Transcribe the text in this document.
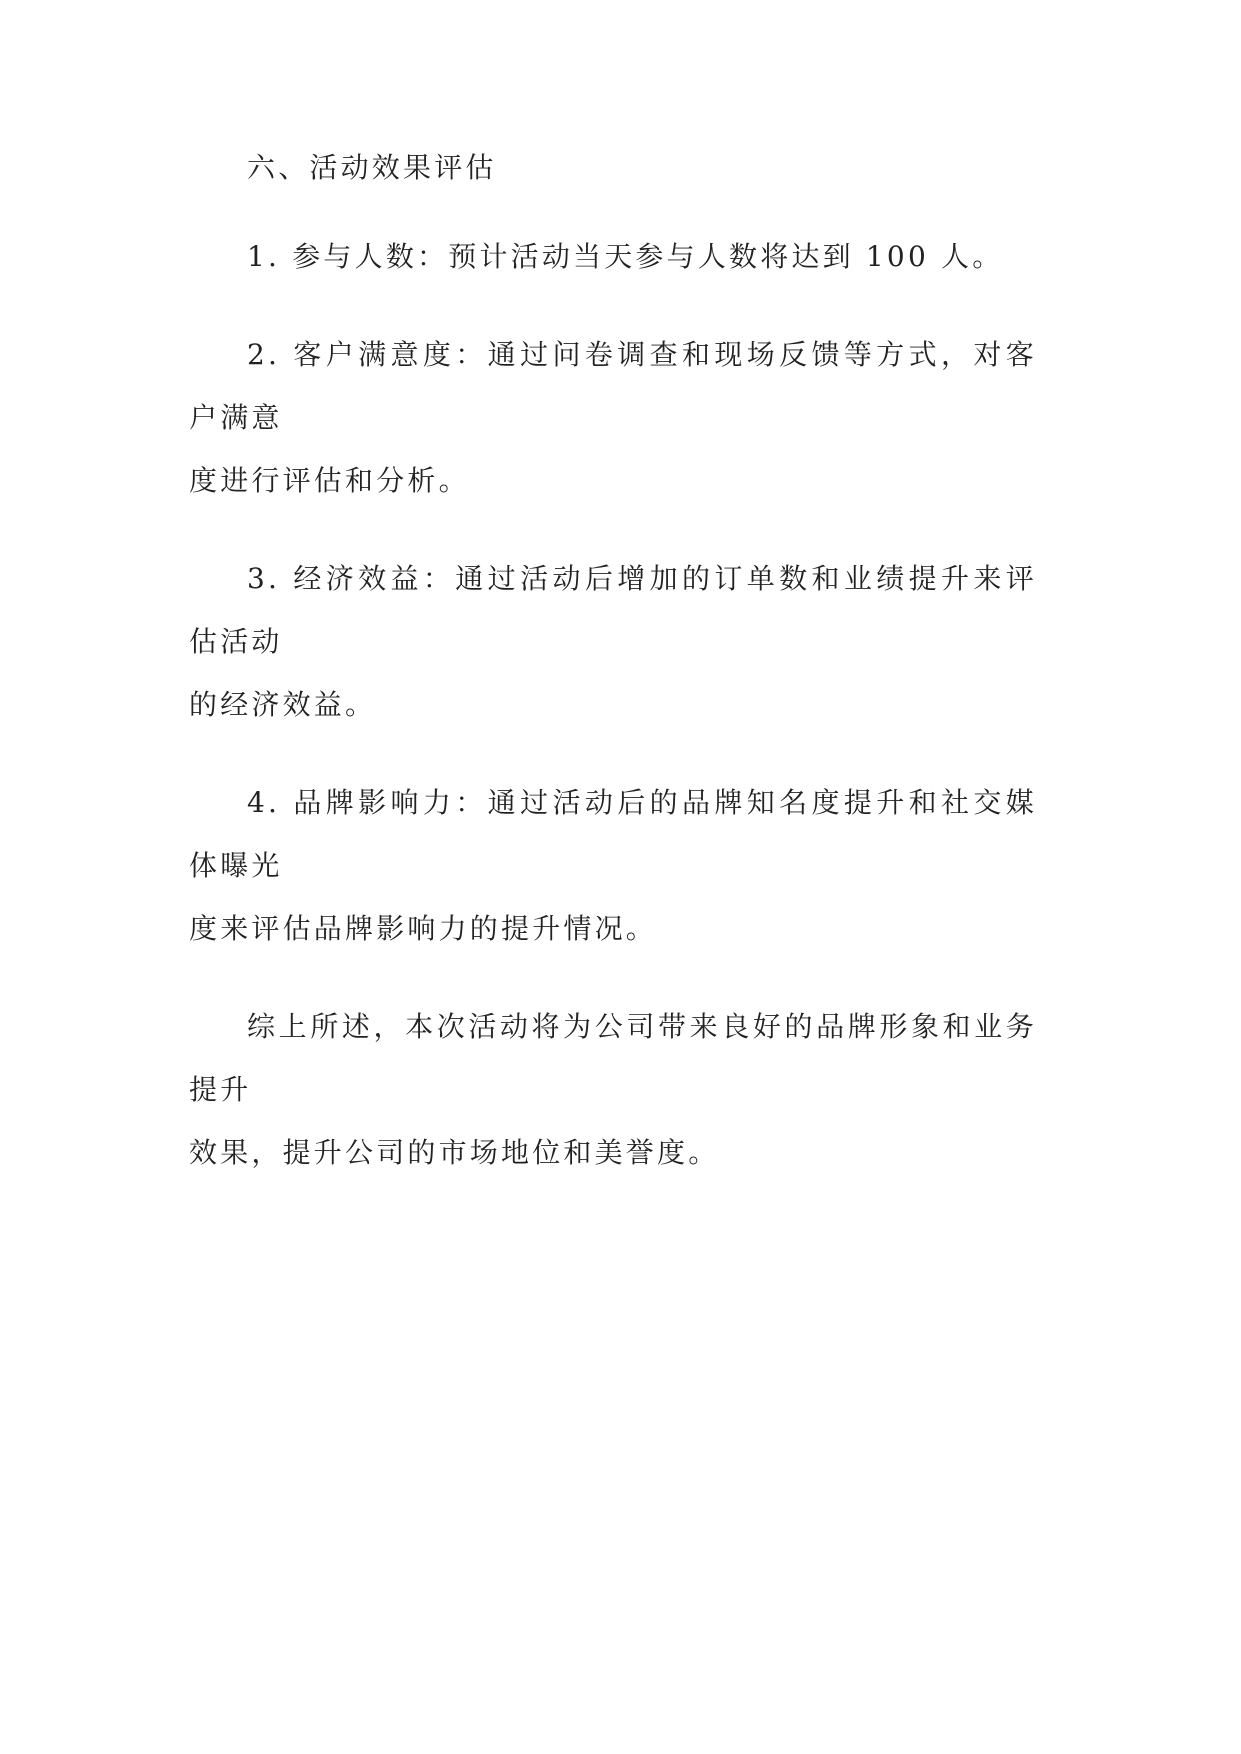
六、活动效果评估

1. 参与人数：预计活动当天参与人数将达到 100 人。

2. 客户满意度：通过问卷调查和现场反馈等方式，对客户满意
度进行评估和分析。

3. 经济效益：通过活动后增加的订单数和业绩提升来评估活动
的经济效益。

4. 品牌影响力：通过活动后的品牌知名度提升和社交媒体曝光
度来评估品牌影响力的提升情况。

综上所述，本次活动将为公司带来良好的品牌形象和业务提升
效果，提升公司的市场地位和美誉度。
